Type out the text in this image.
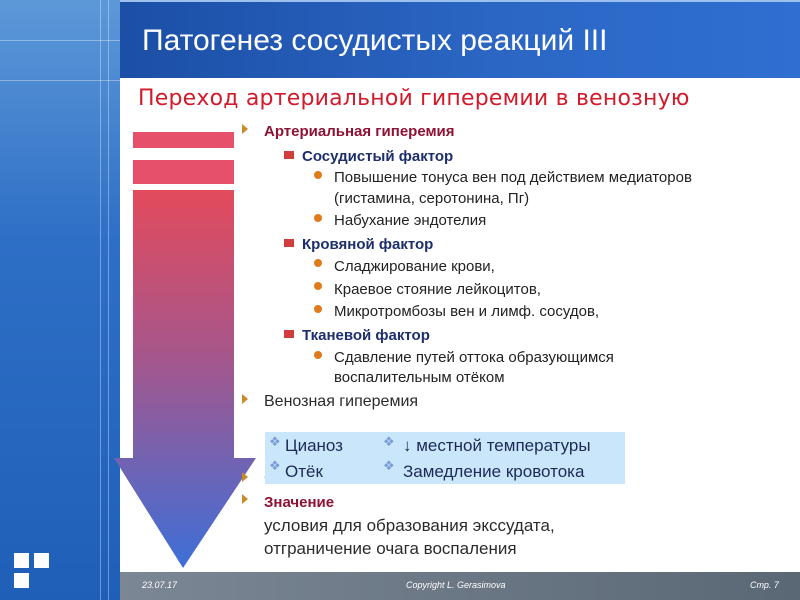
Патогенез сосудистых реакций III
Переход артериальной гиперемии в венозную
Артериальная гиперемия
Сосудистый фактор
Повышение тонуса вен под действием медиаторов
(гистамина, серотонина, Пг)
Набухание эндотелия
Кровяной фактор
Сладжирование крови,
Краевое стояние лейкоцитов,
Микротромбозы вен и лимф. сосудов,
Тканевой фактор
Сдавление путей оттока образующимся
воспалительным отёком
Венозная гиперемия
❖ Цианоз
❖ Отёк
❖ ↓ местной температуры
❖ Замедление кровотока
Значение
условия для образования экссудата,
отграничение очага воспаления
23.07.17	Copyright L. Gerasimova	Стр. 7
